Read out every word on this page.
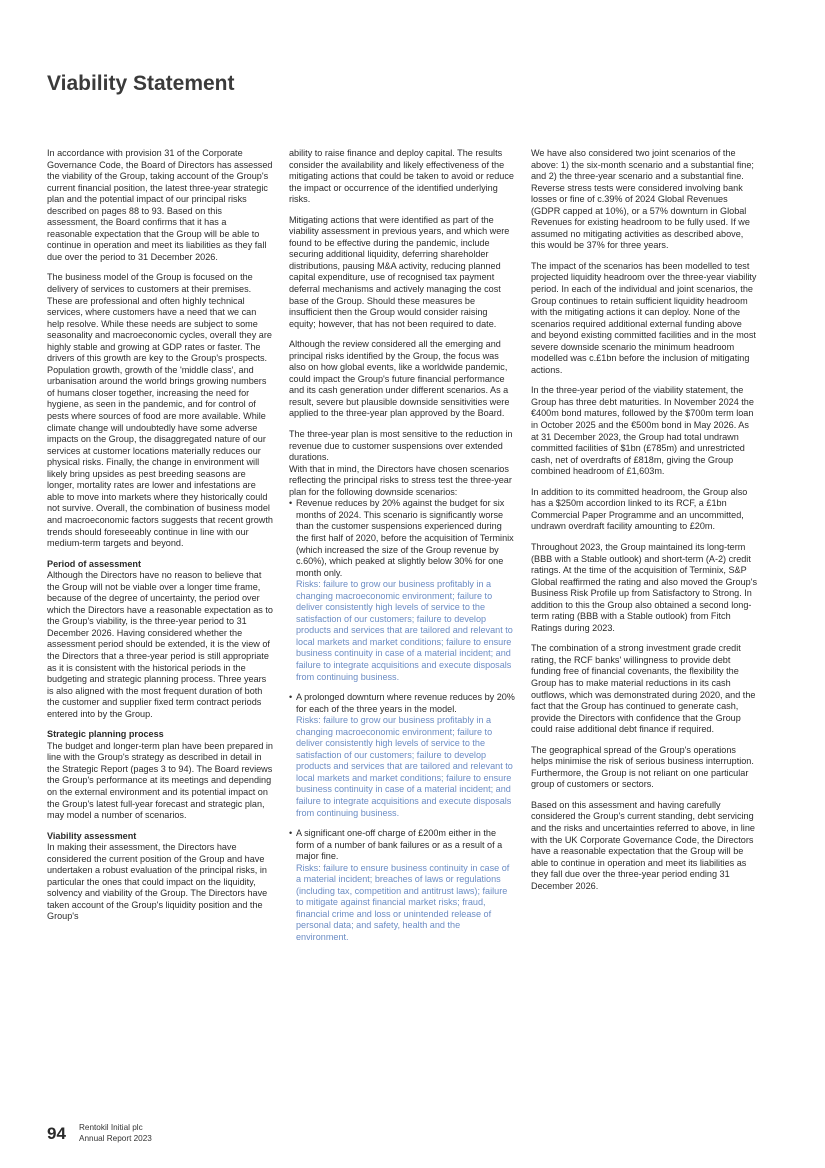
Viability Statement

In accordance with provision 31 of the Corporate Governance Code, the Board of Directors has assessed the viability of the Group, taking account of the Group's current financial position, the latest three-year strategic plan and the potential impact of our principal risks described on pages 88 to 93. Based on this assessment, the Board confirms that it has a reasonable expectation that the Group will be able to continue in operation and meet its liabilities as they fall due over the period to 31 December 2026.

The business model of the Group is focused on the delivery of services to customers at their premises. These are professional and often highly technical services, where customers have a need that we can help resolve. While these needs are subject to some seasonality and macroeconomic cycles, overall they are highly stable and growing at GDP rates or faster. The drivers of this growth are key to the Group's prospects. Population growth, growth of the 'middle class', and urbanisation around the world brings growing numbers of humans closer together, increasing the need for hygiene, as seen in the pandemic, and for control of pests where sources of food are more available. While climate change will undoubtedly have some adverse impacts on the Group, the disaggregated nature of our services at customer locations materially reduces our physical risks. Finally, the change in environment will likely bring upsides as pest breeding seasons are longer, mortality rates are lower and infestations are able to move into markets where they historically could not survive. Overall, the combination of business model and macroeconomic factors suggests that recent growth trends should foreseeably continue in line with our medium-term targets and beyond.

Period of assessment

Although the Directors have no reason to believe that the Group will not be viable over a longer time frame, because of the degree of uncertainty, the period over which the Directors have a reasonable expectation as to the Group's viability, is the three-year period to 31 December 2026. Having considered whether the assessment period should be extended, it is the view of the Directors that a three-year period is still appropriate as it is consistent with the historical periods in the budgeting and strategic planning process. Three years is also aligned with the most frequent duration of both the customer and supplier fixed term contract periods entered into by the Group.

Strategic planning process

The budget and longer-term plan have been prepared in line with the Group's strategy as described in detail in the Strategic Report (pages 3 to 94). The Board reviews the Group's performance at its meetings and depending on the external environment and its potential impact on the Group's latest full-year forecast and strategic plan, may model a number of scenarios.

Viability assessment

In making their assessment, the Directors have considered the current position of the Group and have undertaken a robust evaluation of the principal risks, in particular the ones that could impact on the liquidity, solvency and viability of the Group. The Directors have taken account of the Group's liquidity position and the Group's

ability to raise finance and deploy capital. The results consider the availability and likely effectiveness of the mitigating actions that could be taken to avoid or reduce the impact or occurrence of the identified underlying risks.

Mitigating actions that were identified as part of the viability assessment in previous years, and which were found to be effective during the pandemic, include securing additional liquidity, deferring shareholder distributions, pausing M&A activity, reducing planned capital expenditure, use of recognised tax payment deferral mechanisms and actively managing the cost base of the Group. Should these measures be insufficient then the Group would consider raising equity; however, that has not been required to date.

Although the review considered all the emerging and principal risks identified by the Group, the focus was also on how global events, like a worldwide pandemic, could impact the Group's future financial performance and its cash generation under different scenarios. As a result, severe but plausible downside sensitivities were applied to the three-year plan approved by the Board.

The three-year plan is most sensitive to the reduction in revenue due to customer suspensions over extended durations.

With that in mind, the Directors have chosen scenarios reflecting the principal risks to stress test the three-year plan for the following downside scenarios:

• Revenue reduces by 20% against the budget for six months of 2024. This scenario is significantly worse than the customer suspensions experienced during the first half of 2020, before the acquisition of Terminix (which increased the size of the Group revenue by c.60%), which peaked at slightly below 30% for one month only.
Risks: failure to grow our business profitably in a changing macroeconomic environment; failure to deliver consistently high levels of service to the satisfaction of our customers; failure to develop products and services that are tailored and relevant to local markets and market conditions; failure to ensure business continuity in case of a material incident; and failure to integrate acquisitions and execute disposals from continuing business.
• A prolonged downturn where revenue reduces by 20% for each of the three years in the model.
Risks: failure to grow our business profitably in a changing macroeconomic environment; failure to deliver consistently high levels of service to the satisfaction of our customers; failure to develop products and services that are tailored and relevant to local markets and market conditions; failure to ensure business continuity in case of a material incident; and failure to integrate acquisitions and execute disposals from continuing business.
• A significant one-off charge of £200m either in the form of a number of bank failures or as a result of a major fine.
Risks: failure to ensure business continuity in case of a material incident; breaches of laws or regulations (including tax, competition and antitrust laws); failure to mitigate against financial market risks; fraud, financial crime and loss or unintended release of personal data; and safety, health and the environment.

We have also considered two joint scenarios of the above: 1) the six-month scenario and a substantial fine; and 2) the three-year scenario and a substantial fine. Reverse stress tests were considered involving bank losses or fine of c.39% of 2024 Global Revenues (GDPR capped at 10%), or a 57% downturn in Global Revenues for existing headroom to be fully used. If we assumed no mitigating activities as described above, this would be 37% for three years.

The impact of the scenarios has been modelled to test projected liquidity headroom over the three-year viability period. In each of the individual and joint scenarios, the Group continues to retain sufficient liquidity headroom with the mitigating actions it can deploy. None of the scenarios required additional external funding above and beyond existing committed facilities and in the most severe downside scenario the minimum headroom modelled was c.£1bn before the inclusion of mitigating actions.

In the three-year period of the viability statement, the Group has three debt maturities. In November 2024 the €400m bond matures, followed by the $700m term loan in October 2025 and the €500m bond in May 2026. As at 31 December 2023, the Group had total undrawn committed facilities of $1bn (£785m) and unrestricted cash, net of overdrafts of £818m, giving the Group combined headroom of £1,603m.

In addition to its committed headroom, the Group also has a $250m accordion linked to its RCF, a £1bn Commercial Paper Programme and an uncommitted, undrawn overdraft facility amounting to £20m.

Throughout 2023, the Group maintained its long-term (BBB with a Stable outlook) and short-term (A-2) credit ratings. At the time of the acquisition of Terminix, S&P Global reaffirmed the rating and also moved the Group's Business Risk Profile up from Satisfactory to Strong. In addition to this the Group also obtained a second long-term rating (BBB with a Stable outlook) from Fitch Ratings during 2023.

The combination of a strong investment grade credit rating, the RCF banks' willingness to provide debt funding free of financial covenants, the flexibility the Group has to make material reductions in its cash outflows, which was demonstrated during 2020, and the fact that the Group has continued to generate cash, provide the Directors with confidence that the Group could raise additional debt finance if required.

The geographical spread of the Group's operations helps minimise the risk of serious business interruption. Furthermore, the Group is not reliant on one particular group of customers or sectors.

Based on this assessment and having carefully considered the Group's current standing, debt servicing and the risks and uncertainties referred to above, in line with the UK Corporate Governance Code, the Directors have a reasonable expectation that the Group will be able to continue in operation and meet its liabilities as they fall due over the three-year period ending 31 December 2026.

94 Rentokil Initial plc
Annual Report 2023
